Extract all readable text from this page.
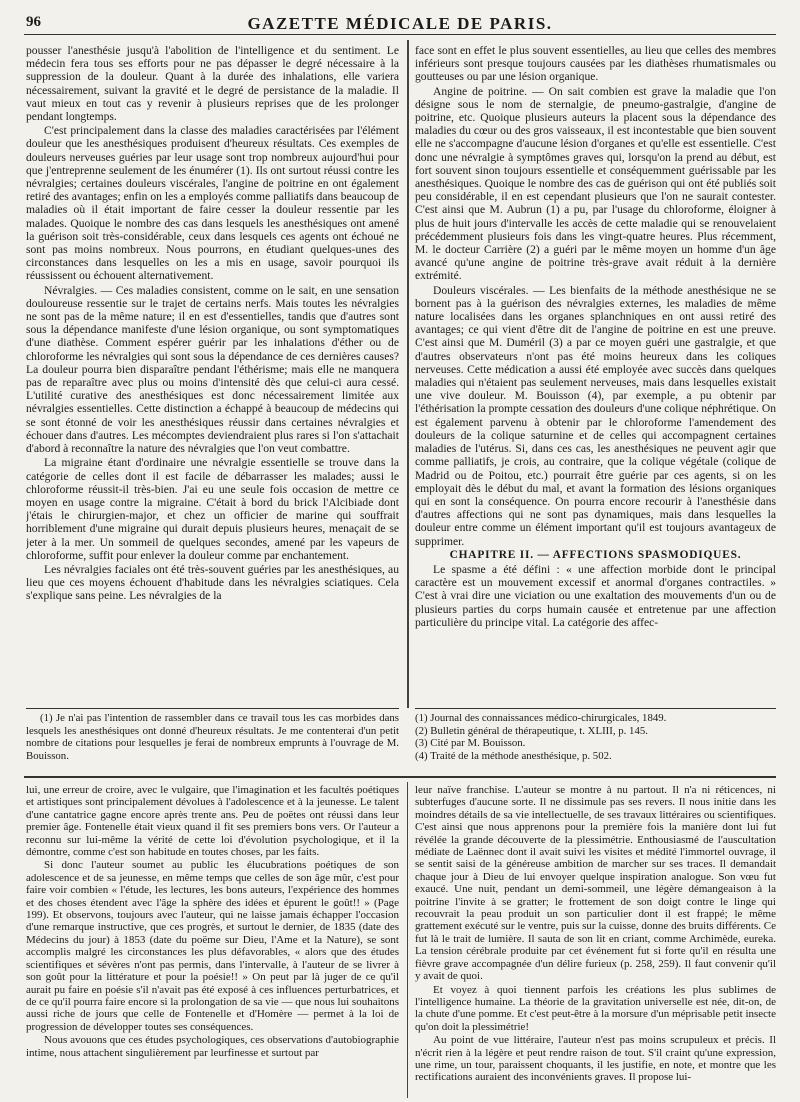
96	GAZETTE MÉDICALE DE PARIS.

pousser l'anesthésie jusqu'à l'abolition de l'intelligence et du sentiment. Le médecin fera tous ses efforts pour ne pas dépasser le degré nécessaire à la suppression de la douleur. Quant à la durée des inhalations, elle variera nécessairement, suivant la gravité et le degré de persistance de la maladie. Il vaut mieux en tout cas y revenir à plusieurs reprises que de les prolonger pendant longtemps.

C'est principalement dans la classe des maladies caractérisées par l'élément douleur que les anesthésiques produisent d'heureux résultats. Ces exemples de douleurs nerveuses guéries par leur usage sont trop nombreux aujourd'hui pour que j'entreprenne seulement de les énumérer (1). Ils ont surtout réussi contre les névralgies; certaines douleurs viscérales, l'angine de poitrine en ont également retiré des avantages; enfin on les a employés comme palliatifs dans beaucoup de maladies où il était important de faire cesser la douleur ressentie par les malades. Quoique le nombre des cas dans lesquels les anesthésiques ont amené la guérison soit très-considérable, ceux dans lesquels ces agents ont échoué ne sont pas moins nombreux. Nous pourrons, en étudiant quelques-unes des circonstances dans lesquelles on les a mis en usage, savoir pourquoi ils réussissent ou échouent alternativement.

Névralgies. — Ces maladies consistent, comme on le sait, en une sensation douloureuse ressentie sur le trajet de certains nerfs. Mais toutes les névralgies ne sont pas de la même nature; il en est d'essentielles, tandis que d'autres sont sous la dépendance manifeste d'une lésion organique, ou sont symptomatiques d'une diathèse. Comment espérer guérir par les inhalations d'éther ou de chloroforme les névralgies qui sont sous la dépendance de ces dernières causes? La douleur pourra bien disparaître pendant l'éthérisme; mais elle ne manquera pas de reparaître avec plus ou moins d'intensité dès que celui-ci aura cessé. L'utilité curative des anesthésiques est donc nécessairement limitée aux névralgies essentielles. Cette distinction a échappé à beaucoup de médecins qui se sont étonné de voir les anesthésiques réussir dans certaines névralgies et échouer dans d'autres. Les mécomptes deviendraient plus rares si l'on s'attachait d'abord à reconnaître la nature des névralgies que l'on veut combattre.

La migraine étant d'ordinaire une névralgie essentielle se trouve dans la catégorie de celles dont il est facile de débarrasser les malades; aussi le chloroforme réussit-il très-bien. J'ai eu une seule fois occasion de mettre ce moyen en usage contre la migraine. C'était à bord du brick l'Alcibiade dont j'étais le chirurgien-major, et chez un officier de marine qui souffrait horriblement d'une migraine qui durait depuis plusieurs heures, menaçait de se jeter à la mer. Un sommeil de quelques secondes, amené par les vapeurs de chloroforme, suffit pour enlever la douleur comme par enchantement.

Les névralgies faciales ont été très-souvent guéries par les anesthésiques, au lieu que ces moyens échouent d'habitude dans les névralgies sciatiques. Cela s'explique sans peine. Les névralgies de la

face sont en effet le plus souvent essentielles, au lieu que celles des membres inférieurs sont presque toujours causées par les diathèses rhumatismales ou goutteuses ou par une lésion organique.

Angine de poitrine. — On sait combien est grave la maladie que l'on désigne sous le nom de sternalgie, de pneumo-gastralgie, d'angine de poitrine, etc. Quoique plusieurs auteurs la placent sous la dépendance des maladies du cœur ou des gros vaisseaux, il est incontestable que bien souvent elle ne s'accompagne d'aucune lésion d'organes et qu'elle est essentielle. C'est donc une névralgie à symptômes graves qui, lorsqu'on la prend au début, est fort souvent sinon toujours essentielle et conséquemment guérissable par les anesthésiques. Quoique le nombre des cas de guérison qui ont été publiés soit peu considérable, il en est cependant plusieurs que l'on ne saurait contester. C'est ainsi que M. Aubrun (1) a pu, par l'usage du chloroforme, éloigner à plus de huit jours d'intervalle les accès de cette maladie qui se renouvelaient précédemment plusieurs fois dans les vingt-quatre heures. Plus récemment, M. le docteur Carrière (2) a guéri par le même moyen un homme d'un âge avancé qu'une angine de poitrine très-grave avait réduit à la dernière extrémité.

Douleurs viscérales. — Les bienfaits de la méthode anesthésique ne se bornent pas à la guérison des névralgies externes, les maladies de même nature localisées dans les organes splanchniques en ont aussi retiré des avantages; ce qui vient d'être dit de l'angine de poitrine en est une preuve. C'est ainsi que M. Duméril (3) a par ce moyen guéri une gastralgie, et que d'autres observateurs n'ont pas été moins heureux dans les coliques nerveuses. Cette médication a aussi été employée avec succès dans quelques maladies qui n'étaient pas seulement nerveuses, mais dans lesquelles existait une vive douleur. M. Bouisson (4), par exemple, a pu obtenir par l'éthérisation la prompte cessation des douleurs d'une colique néphrétique. On est également parvenu à obtenir par le chloroforme l'amendement des douleurs de la colique saturnine et de celles qui accompagnent certaines maladies de l'utérus. Si, dans ces cas, les anesthésiques ne peuvent agir que comme palliatifs, je crois, au contraire, que la colique végétale (colique de Madrid ou de Poitou, etc.) pourrait être guérie par ces agents, si on les employait dès le début du mal, et avant la formation des lésions organiques qui en sont la conséquence. On pourra encore recourir à l'anesthésie dans d'autres affections qui ne sont pas dynamiques, mais dans lesquelles la douleur entre comme un élément important qu'il est toujours avantageux de supprimer.

CHAPITRE II. — AFFECTIONS SPASMODIQUES.

Le spasme a été défini : « une affection morbide dont le principal caractère est un mouvement excessif et anormal d'organes contractiles. » C'est à vrai dire une viciation ou une exaltation des mouvements d'un ou de plusieurs parties du corps humain causée et entretenue par une affection particulière du principe vital. La catégorie des affec-

(1) Je n'ai pas l'intention de rassembler dans ce travail tous les cas morbides dans lesquels les anesthésiques ont donné d'heureux résultats. Je me contenterai d'un petit nombre de citations pour lesquelles je ferai de nombreux emprunts à l'ouvrage de M. Bouisson.

(1) Journal des connaissances médico-chirurgicales, 1849.

(2) Bulletin général de thérapeutique, t. XLIII, p. 145.

(3) Cité par M. Bouisson.

(4) Traité de la méthode anesthésique, p. 502.

lui, une erreur de croire, avec le vulgaire, que l'imagination et les facultés poétiques et artistiques sont principalement dévolues à l'adolescence et à la jeunesse. Le talent d'une cantatrice gagne encore après trente ans. Peu de poëtes ont réussi dans leur premier âge. Fontenelle était vieux quand il fit ses premiers bons vers. Or l'auteur a reconnu sur lui-même la vérité de cette loi d'évolution psychologique, et il la démontre, comme c'est son habitude en toutes choses, par les faits.

Si donc l'auteur soumet au public les élucubrations poétiques de son adolescence et de sa jeunesse, en même temps que celles de son âge mûr, c'est pour faire voir combien « l'étude, les lectures, les bons auteurs, l'expérience des hommes et des choses étendent avec l'âge la sphère des idées et épurent le goût!! » (Page 199). Et observons, toujours avec l'auteur, qui ne laisse jamais échapper l'occasion d'une remarque instructive, que ces progrès, et surtout le dernier, de 1835 (date des Médecins du jour) à 1853 (date du poëme sur Dieu, l'Ame et la Nature), se sont accomplis malgré les circonstances les plus défavorables, « alors que des études scientifiques et sévères n'ont pas permis, dans l'intervalle, à l'auteur de se livrer à son goût pour la littérature et pour la poésie!! » On peut par là juger de ce qu'il aurait pu faire en poésie s'il n'avait pas été exposé à ces influences perturbatrices, et de ce qu'il pourra faire encore si la prolongation de sa vie — que nous lui souhaitons aussi riche de jours que celle de Fontenelle et d'Homère — permet à la loi de progression de développer toutes ses conséquences.

Nous avouons que ces études psychologiques, ces observations d'autobiographie intime, nous attachent singulièrement par leurfinesse et surtout par

leur naïve franchise. L'auteur se montre à nu partout. Il n'a ni réticences, ni subterfuges d'aucune sorte. Il ne dissimule pas ses revers. Il nous initie dans les moindres détails de sa vie intellectuelle, de ses travaux littéraires ou scientifiques. C'est ainsi que nous apprenons pour la première fois la manière dont lui fut révélée la grande découverte de la plessimétrie. Enthousiasmé de l'auscultation médiate de Laënnec dont il avait suivi les visites et médité l'immortel ouvrage, il se sentit saisi de la généreuse ambition de marcher sur ses traces. Il demandait chaque jour à Dieu de lui envoyer quelque inspiration analogue. Son vœu fut exaucé. Une nuit, pendant un demi-sommeil, une légère démangeaison à la poitrine l'invite à se gratter; le frottement de son doigt contre le linge qui recouvrait la peau produit un son particulier dont il est frappé; le même grattement exécuté sur le ventre, puis sur la cuisse, donne des bruits différents. Ce fut là le trait de lumière. Il sauta de son lit en criant, comme Archimède, eureka. La tension cérébrale produite par cet événement fut si forte qu'il en résulta une fièvre grave accompagnée d'un délire furieux (p. 258, 259). Il faut convenir qu'il y avait de quoi.

Et voyez à quoi tiennent parfois les créations les plus sublimes de l'intelligence humaine. La théorie de la gravitation universelle est née, dit-on, de la chute d'une pomme. Et c'est peut-être à la morsure d'un méprisable petit insecte qu'on doit la plessimétrie!

Au point de vue littéraire, l'auteur n'est pas moins scrupuleux et précis. Il n'écrit rien à la légère et peut rendre raison de tout. S'il craint qu'une expression, une rime, un tour, paraissent choquants, il les justifie, en note, et montre que les rectifications auraient des inconvénients graves. Il propose lui-
